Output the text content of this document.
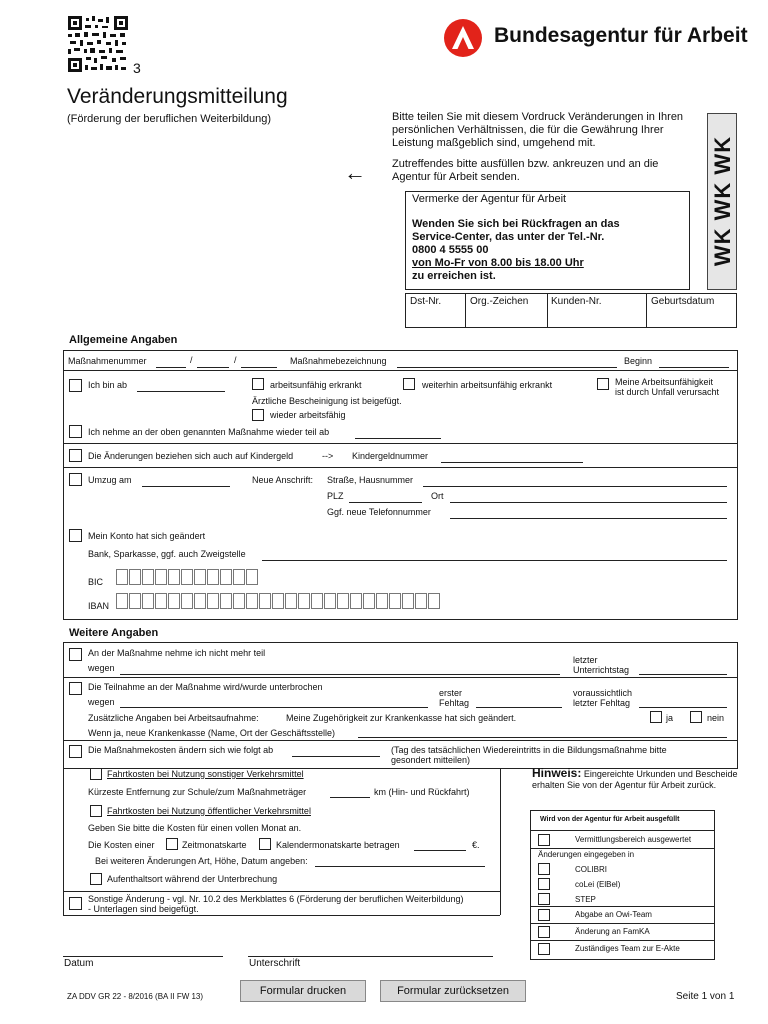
3
Bundesagentur für Arbeit
Veränderungsmitteilung
(Förderung der beruflichen Weiterbildung)	Bitte teilen Sie mit diesem Vordruck Veränderungen in Ihren persönlichen Verhältnissen, die für die Gewährung Ihrer Leistung maßgeblich sind, umgehend mit.
Zutreffendes bitte ausfüllen bzw. ankreuzen und an die Agentur für Arbeit senden.
←	WK WK WK
Vermerke der Agentur für Arbeit
Wenden Sie sich bei Rückfragen an das
Service-Center, das unter der Tel.-Nr.
0800 4 5555 00
von Mo-Fr von 8.00 bis 18.00 Uhr
zu erreichen ist.
Dst-Nr.	Org.-Zeichen Kunden-Nr.	Geburtsdatum
Allgemeine Angaben
Maßnahmenummer	/	/	Maßnahmebezeichnung	Beginn
Ich bin ab	arbeitsunfähig erkrankt
Ärztliche Bescheinigung ist beigefügt.
weiterhin arbeitsunfähig erkrankt	Meine Arbeitsunfähigkeit
ist durch Unfall verursacht
wieder arbeitsfähig
Ich nehme an der oben genannten Maßnahme wieder teil ab
Die Änderungen beziehen sich auch auf Kindergeld	--> Kindergeldnummer
Umzug am	Neue Anschrift: Straße, Hausnummer
PLZ	Ort
Ggf. neue Telefonnummer
Mein Konto hat sich geändert
Bank, Sparkasse, ggf. auch Zweigstelle
BIC
IBAN
Weitere Angaben
An der Maßnahme nehme ich nicht mehr teil
wegen
letzter
Unterrichtstag
Die Teilnahme an der Maßnahme wird/wurde unterbrochen
wegen
erster
Fehltag
voraussichtlich
letzter Fehltag
Zusätzliche Angaben bei Arbeitsaufnahme:	Meine Zugehörigkeit zur Krankenkasse hat sich geändert.	ja	nein
Wenn ja, neue Krankenkasse (Name, Ort der Geschäftsstelle)
Die Maßnahmekosten ändern sich wie folgt ab	(Tag des tatsächlichen Wiedereintritts in die Bildungsmaßnahme bitte
gesondert mitteilen)
Fahrtkosten bei Nutzung sonstiger Verkehrsmittel
Kürzeste Entfernung zur Schule/zum Maßnahmeträger	km (Hin- und Rückfahrt)
Fahrtkosten bei Nutzung öffentlicher Verkehrsmittel
Geben Sie bitte die Kosten für einen vollen Monat an.
Die Kosten einer	Zeitmonatskarte	Kalendermonatskarte betragen	€.
Bei weiteren Änderungen Art, Höhe, Datum angeben:
Aufenthaltsort während der Unterbrechung
Sonstige Änderung - vgl. Nr. 10.2 des Merkblattes 6 (Förderung der beruflichen Weiterbildung)
- Unterlagen sind beigefügt.
Hinweis: Eingereichte Urkunden und Bescheide erhalten Sie von der Agentur für Arbeit zurück.
Wird von der Agentur für Arbeit ausgefüllt
Vermittlungsbereich ausgewertet
Änderungen eingegeben in
COLIBRI
coLei (ElBel)
STEP
Abgabe an Owi-Team
Änderung an FamKA
Zuständiges Team zur E-Akte
Datum	Unterschrift
ZA DDV GR 22 - 8/2016 (BA II FW 13)	Formular drucken	Formular zurücksetzen	Seite 1 von 1
